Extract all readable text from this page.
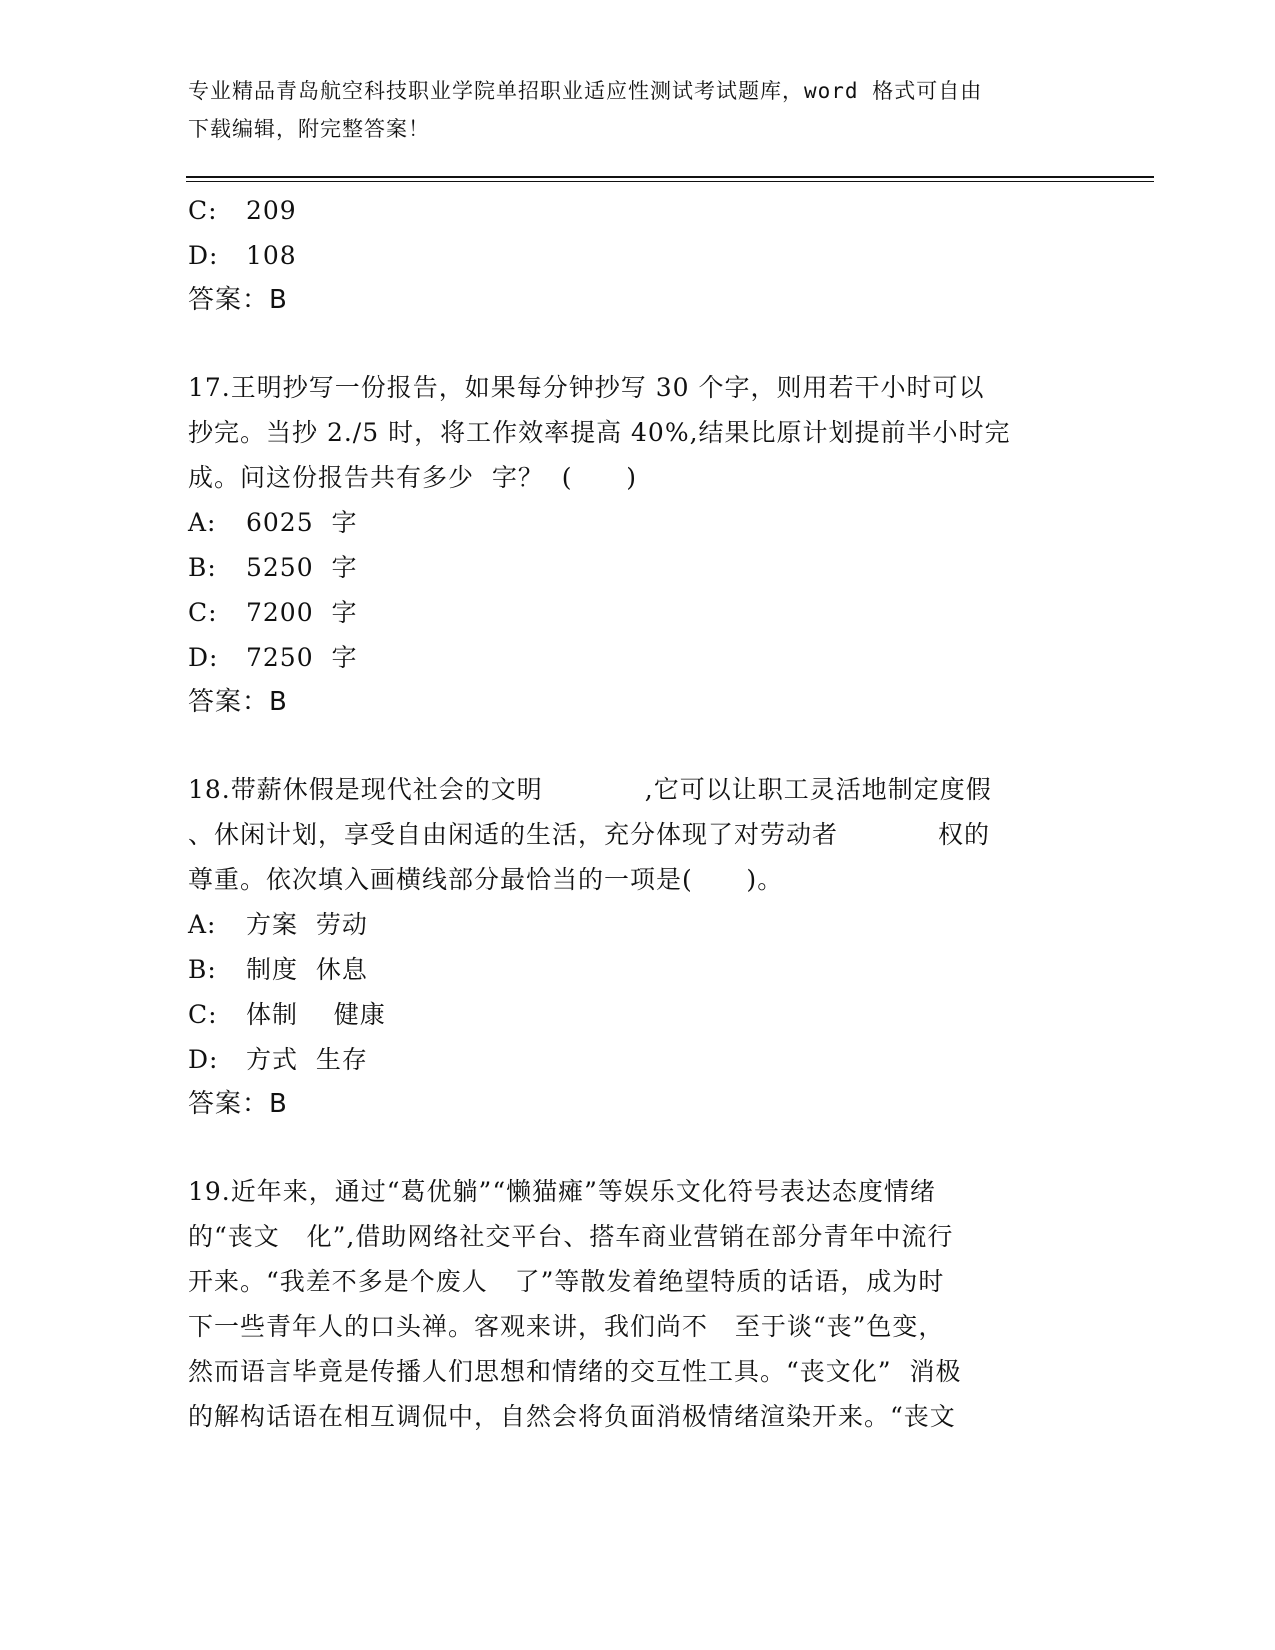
专业精品青岛航空科技职业学院单招职业适应性测试考试题库，word 格式可自由
下载编辑，附完整答案！
C: 209
D: 108
答案：B
17.王明抄写一份报告，如果每分钟抄写 30 个字，则用若干小时可以
抄完。当抄 2./5 时，将工作效率提高 40%,结果比原计划提前半小时完
成。问这份报告共有多少  字？  (      )
A: 6025  字
B: 5250  字
C: 7200  字
D: 7250  字
答案：B
18.带薪休假是现代社会的文明	,它可以让职工灵活地制定度假
、休闲计划，享受自由闲适的生活，充分体现了对劳动者	权的
尊重。依次填入画横线部分最恰当的一项是(      )。
A: 方案  劳动
B: 制度  休息
C: 体制    健康
D: 方式  生存
答案：B
19.近年来，通过“葛优躺”“懒猫瘫”等娱乐文化符号表达态度情绪
的“丧文   化”,借助网络社交平台、搭车商业营销在部分青年中流行
开来。“我差不多是个废人   了”等散发着绝望特质的话语，成为时
下一些青年人的口头禅。客观来讲，我们尚不   至于谈“丧”色变，
然而语言毕竟是传播人们思想和情绪的交互性工具。“丧文化”  消极
的解构话语在相互调侃中，自然会将负面消极情绪渲染开来。“丧文
